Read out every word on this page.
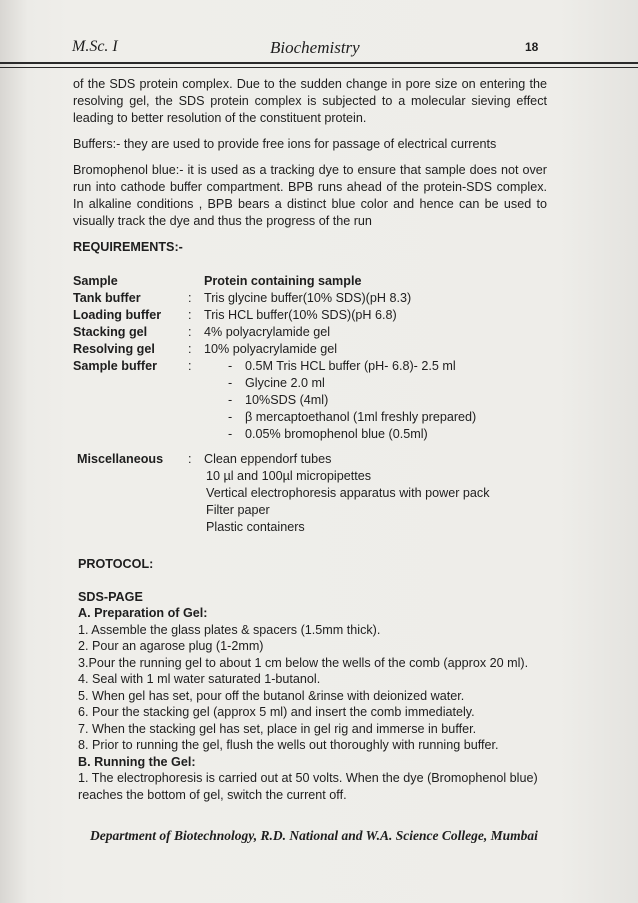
M.Sc. I	Biochemistry	18

of the SDS protein complex. Due to the sudden change in pore size on entering the resolving gel, the SDS protein complex is subjected to a molecular sieving effect leading to better resolution of the constituent protein.

Buffers:- they are used to provide free ions for passage of electrical currents

Bromophenol blue:- it is used as a tracking dye to ensure that sample does not over run into cathode buffer compartment. BPB runs ahead of the protein-SDS complex. In alkaline conditions , BPB bears a distinct blue color and hence can be used to visually track the dye and thus the progress of the run

REQUIREMENTS:-

Sample	Protein containing sample
Tank buffer	: Tris glycine buffer(10% SDS)(pH 8.3)
Loading buffer : Tris HCL buffer(10% SDS)(pH 6.8)
Stacking gel	: 4% polyacrylamide gel
Resolving gel	: 10% polyacrylamide gel
Sample buffer :	- 0.5M Tris HCL buffer (pH- 6.8)- 2.5 ml
- Glycine 2.0 ml
- 10%SDS (4ml)
- β mercaptoethanol (1ml freshly prepared)
- 0.05% bromophenol blue (0.5ml)
Miscellaneous : Clean eppendorf tubes
10 µl and 100µl micropipettes
Vertical electrophoresis apparatus with power pack
Filter paper
Plastic containers

PROTOCOL:

SDS-PAGE

A. Preparation of Gel:

1. Assemble the glass plates & spacers (1.5mm thick).

2. Pour an agarose plug (1-2mm)

3.Pour the running gel to about 1 cm below the wells of the comb (approx 20 ml).

4. Seal with 1 ml water saturated 1-butanol.

5. When gel has set, pour off the butanol &rinse with deionized water.

6. Pour the stacking gel (approx 5 ml) and insert the comb immediately.

7. When the stacking gel has set, place in gel rig and immerse in buffer.

8. Prior to running the gel, flush the wells out thoroughly with running buffer.

B. Running the Gel:

1. The electrophoresis is carried out at 50 volts. When the dye (Bromophenol blue) reaches the bottom of gel, switch the current off.

Department of Biotechnology, R.D. National and W.A. Science College, Mumbai
